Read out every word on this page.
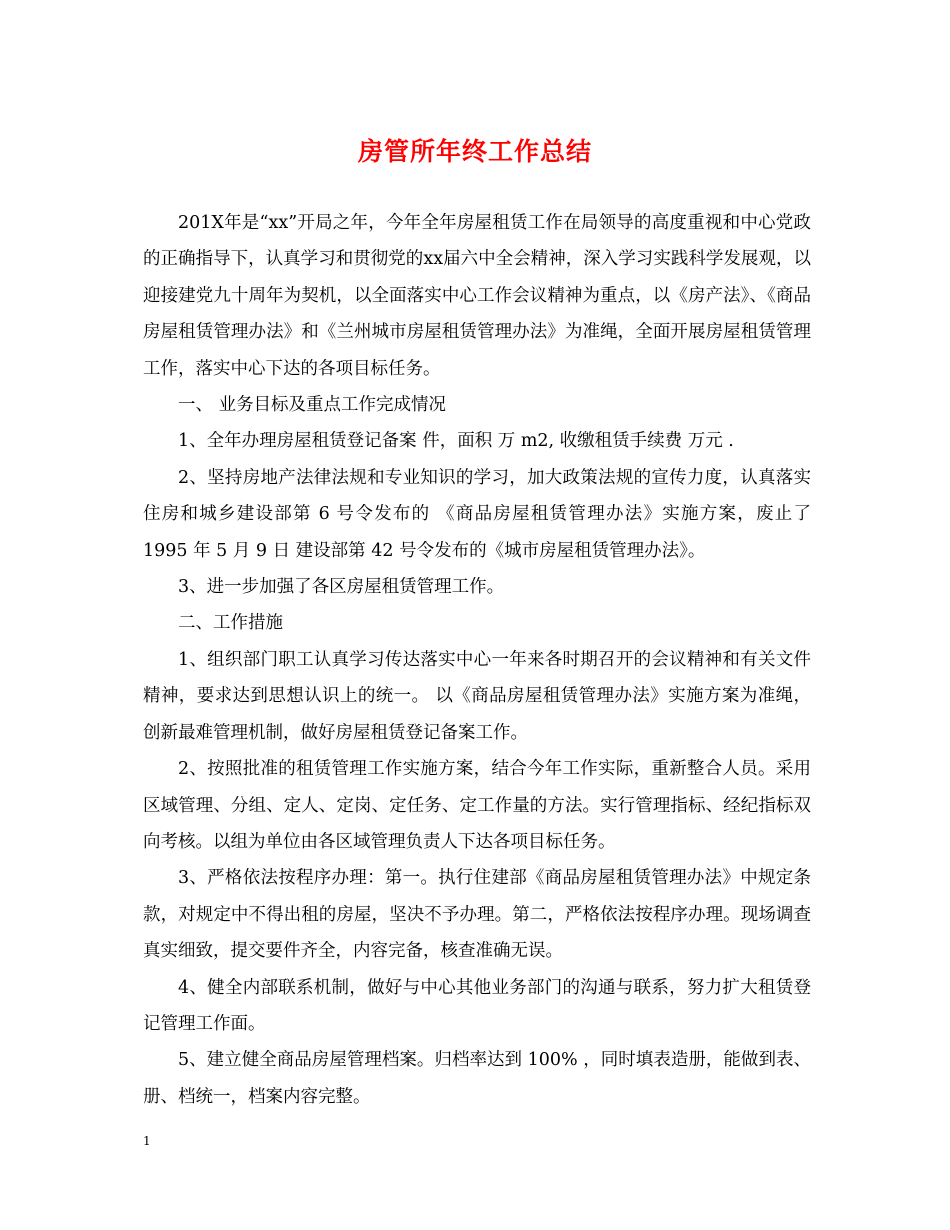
房管所年终工作总结

201X年是“xx”开局之年，今年全年房屋租赁工作在局领导的高度重视和中心党政的正确指导下，认真学习和贯彻党的xx届六中全会精神，深入学习实践科学发展观，以迎接建党九十周年为契机，以全面落实中心工作会议精神为重点，以《房产法》、《商品房屋租赁管理办法》和《兰州城市房屋租赁管理办法》为准绳，全面开展房屋租赁管理工作，落实中心下达的各项目标任务。

一、 业务目标及重点工作完成情况

1、全年办理房屋租赁登记备案 件，面积 万 m2, 收缴租赁手续费 万元 .

2、坚持房地产法律法规和专业知识的学习，加大政策法规的宣传力度，认真落实住房和城乡建设部第 6 号令发布的 《商品房屋租赁管理办法》实施方案，废止了 1995 年 5 月 9 日 建设部第 42 号令发布的《城市房屋租赁管理办法》。

3、进一步加强了各区房屋租赁管理工作。

二、工作措施

1、组织部门职工认真学习传达落实中心一年来各时期召开的会议精神和有关文件精神，要求达到思想认识上的统一。 以《商品房屋租赁管理办法》实施方案为准绳，创新最难管理机制，做好房屋租赁登记备案工作。

2、按照批准的租赁管理工作实施方案，结合今年工作实际，重新整合人员。采用区域管理、分组、定人、定岗、定任务、定工作量的方法。实行管理指标、经纪指标双向考核。以组为单位由各区域管理负责人下达各项目标任务。

3、严格依法按程序办理：第一。执行住建部《商品房屋租赁管理办法》中规定条款，对规定中不得出租的房屋，坚决不予办理。第二，严格依法按程序办理。现场调查真实细致，提交要件齐全，内容完备，核查准确无误。

4、健全内部联系机制，做好与中心其他业务部门的沟通与联系，努力扩大租赁登记管理工作面。

5、建立健全商品房屋管理档案。归档率达到 100% ，同时填表造册，能做到表、册、档统一，档案内容完整。

1
